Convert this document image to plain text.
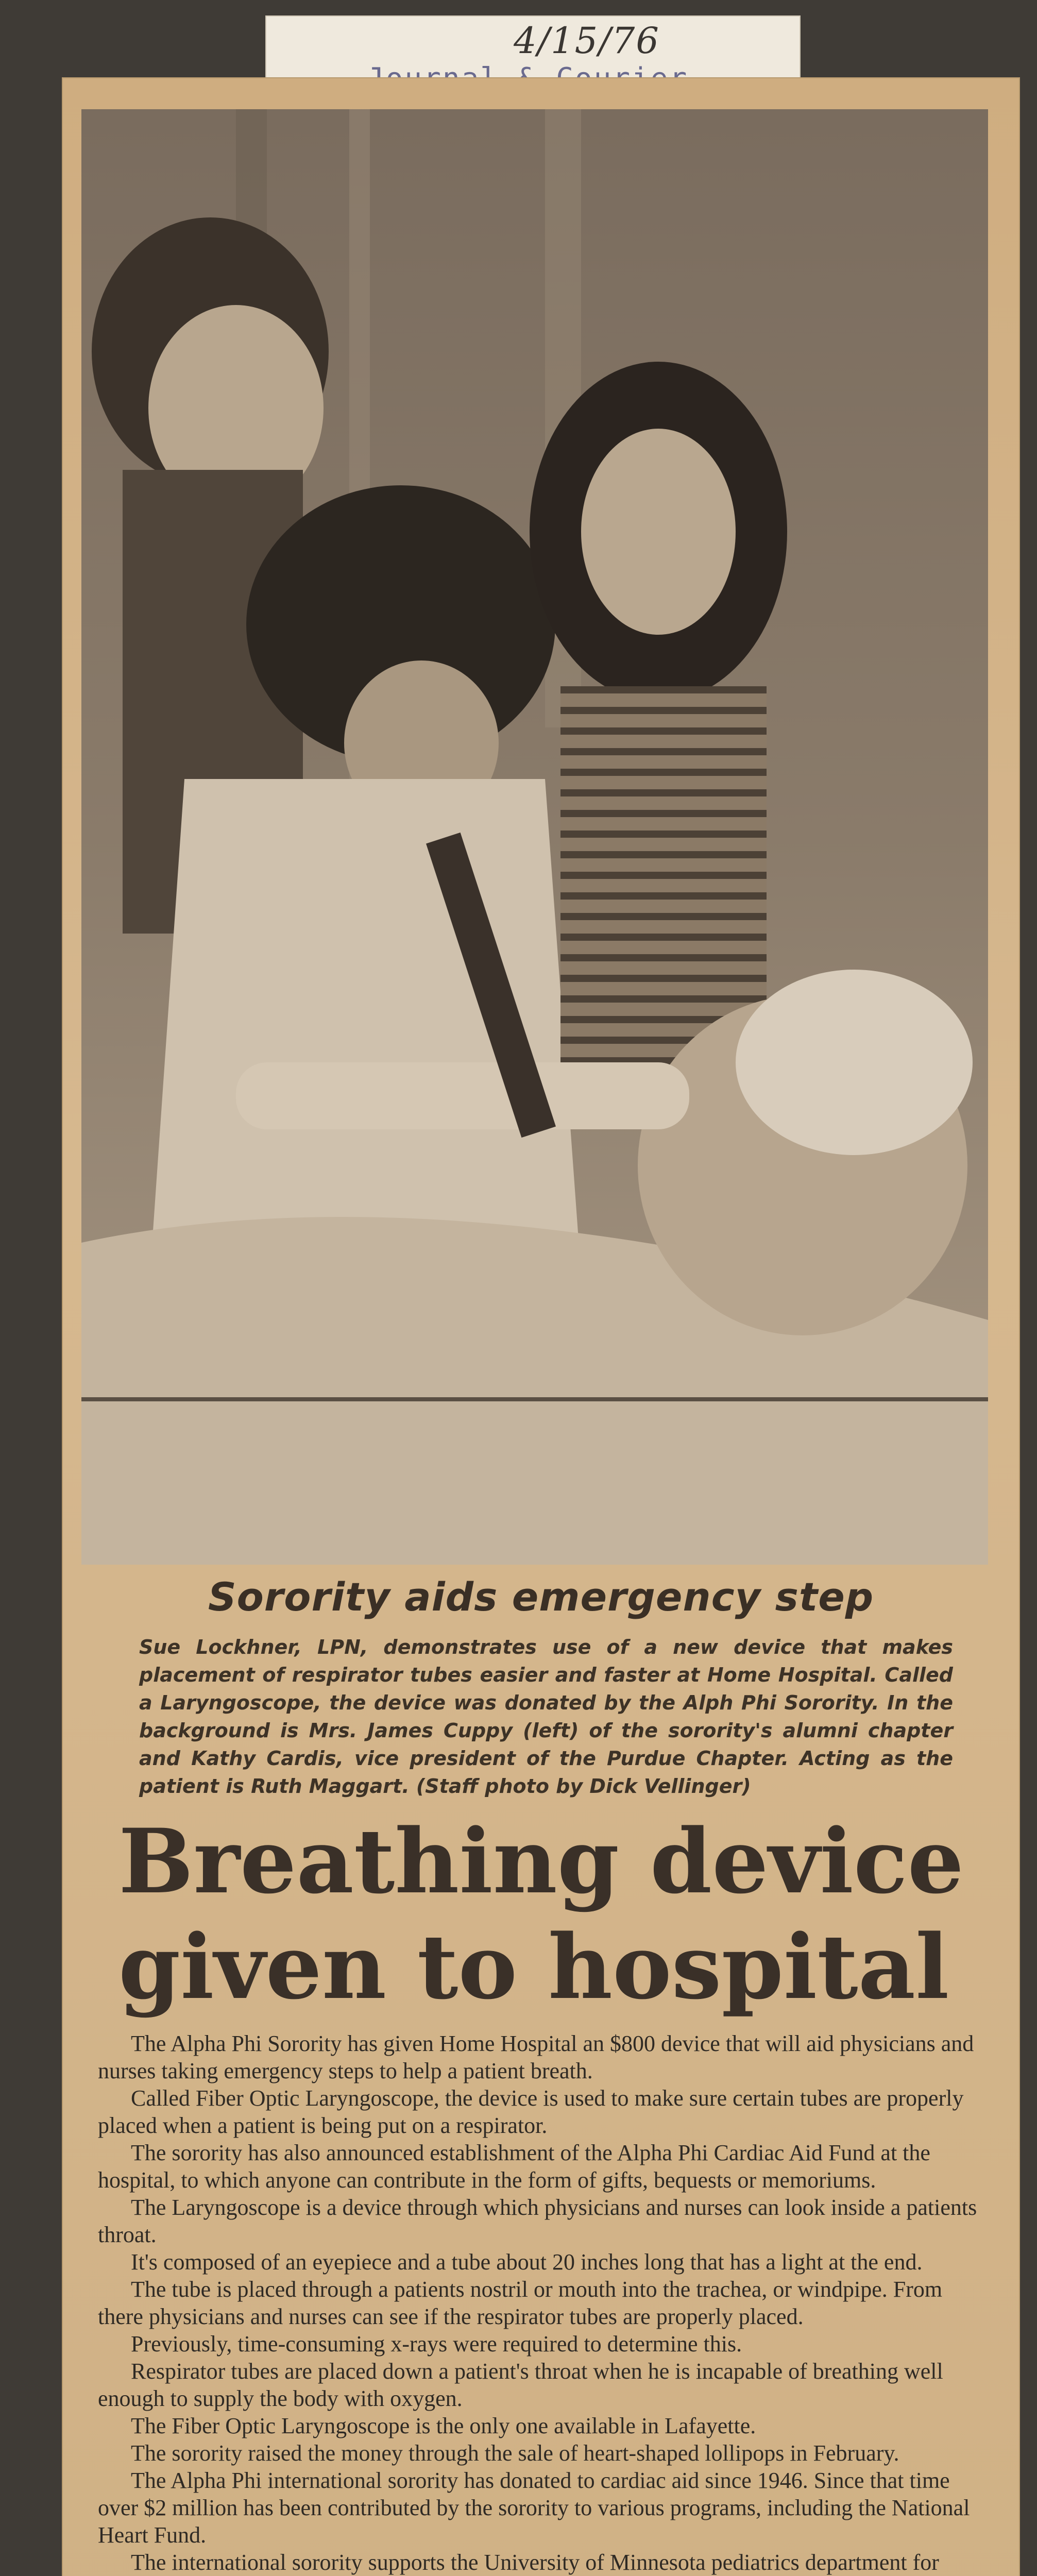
4/15/76
Sorority aids emergency step
Sue Lockhner, LPN, demonstrates use of a new device that makes placement of respirator tubes easier and faster at Home Hospital. Called a Laryngoscope, the device was donated by the Alph Phi Sorority. In the background is Mrs. James Cuppy (left) of the sorority's alumni chapter and Kathy Cardis, vice president of the Purdue Chapter. Acting as the patient is Ruth Maggart. (Staff photo by Dick Vellinger)
Breathing device given to hospital

The Alpha Phi Sorority has given Home Hospital an $800 device that will aid physicians and nurses taking emergency steps to help a patient breath.

Called Fiber Optic Laryngoscope, the device is used to make sure certain tubes are properly placed when a patient is being put on a respirator.

The sorority has also announced establishment of the Alpha Phi Cardiac Aid Fund at the hospital, to which anyone can contribute in the form of gifts, bequests or memoriums.

The Laryngoscope is a device through which physicians and nurses can look inside a patients throat.

It's composed of an eyepiece and a tube about 20 inches long that has a light at the end.

The tube is placed through a patients nostril or mouth into the trachea, or windpipe. From there physicians and nurses can see if the respirator tubes are properly placed.

Previously, time-consuming x-rays were required to determine this.

Respirator tubes are placed down a patient's throat when he is incapable of breathing well enough to supply the body with oxygen.

The Fiber Optic Laryngoscope is the only one available in Lafayette.

The sorority raised the money through the sale of heart-shaped lollipops in February.

The Alpha Phi international sorority has donated to cardiac aid since 1946. Since that time over $2 million has been contributed by the sorority to various programs, including the National Heart Fund.

The international sorority supports the University of Minnesota pediatrics department for
